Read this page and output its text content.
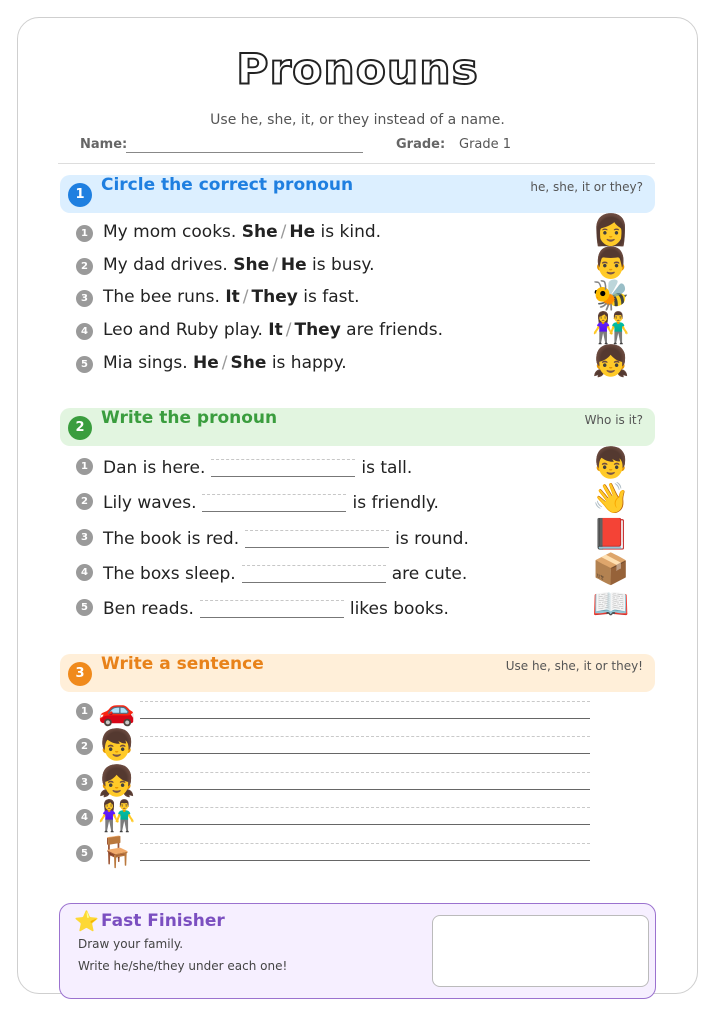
Pronouns
Use he, she, it, or they instead of a name.
Name:	Grade: Grade 1
1 Circle the correct pronoun	he, she, it or they?
1 My mom cooks. She / He is kind.	👩
2 My dad drives. She / He is busy.	👨
3 The bee runs. It / They is fast.	🐝
4 Leo and Ruby play. It / They are friends.	👫
5 Mia sings. He / She is happy.	👧
2 Write the pronoun	Who is it?
1 Dan is here.	is tall.	👦
2 Lily waves.	is friendly.	👋
3 The book is red.	is round.	📕
4 The boxs sleep.	are cute.	📦
5 Ben reads.	likes books.	📖
3 Write a sentence	Use he, she, it or they!
1 🚗
2 👦
3 👧
4 👫
5 🪑
⭐ Fast Finisher
Draw your family.
Write he/she/they under each one!
